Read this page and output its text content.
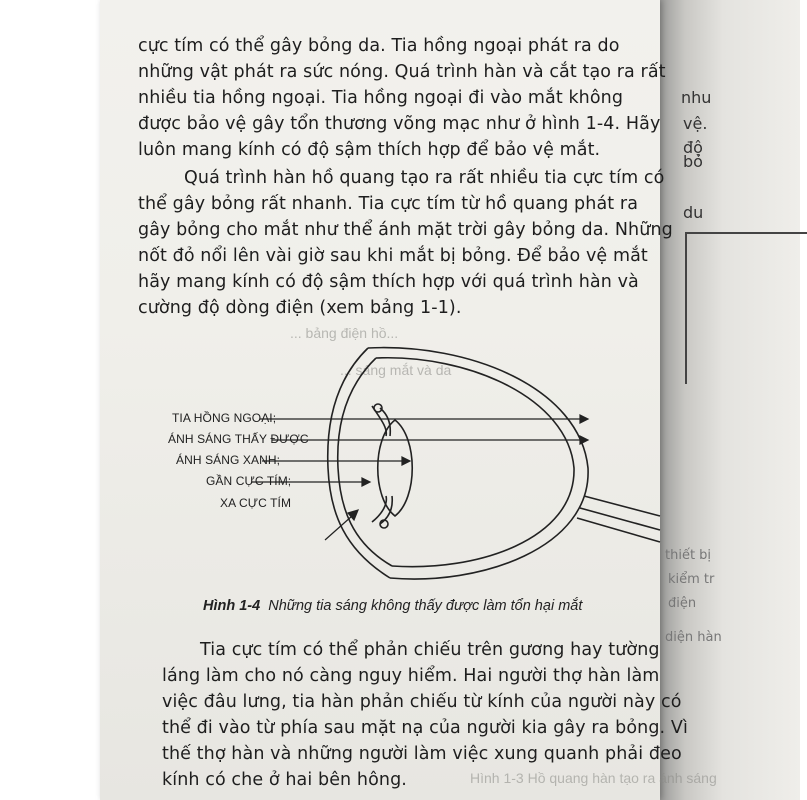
nhu
vệ.
độ
bỏ
du
cực tím có thể gây bỏng da. Tia hồng ngoại phát ra do
những vật phát ra sức nóng. Quá trình hàn và cắt tạo ra rất
nhiều tia hồng ngoại. Tia hồng ngoại đi vào mắt không
được bảo vệ gây tổn thương võng mạc như ở hình 1-4. Hãy
luôn mang kính có độ sậm thích hợp để bảo vệ mắt.
Quá trình hàn hồ quang tạo ra rất nhiều tia cực tím có
thể gây bỏng rất nhanh. Tia cực tím từ hồ quang phát ra
gây bỏng cho mắt như thể ánh mặt trời gây bỏng da. Những
nốt đỏ nổi lên vài giờ sau khi mắt bị bỏng. Để bảo vệ mắt
hãy mang kính có độ sậm thích hợp với quá trình hàn và
cường độ dòng điện (xem bảng 1-1).
... bảng điện hồ...
... sáng mắt và da
Hình 1-3 Hồ quang hàn tạo ra ánh sáng
TIA HỒNG NGOẠI;
ÁNH SÁNG THẤY ĐƯỢC
ÁNH SÁNG XANH;
GẦN CỰC TÍM;
XA CỰC TÍM
Hình 1-4 Những tia sáng không thấy được làm tổn hại mắt
Tia cực tím có thể phản chiếu trên gương hay tường
láng làm cho nó càng nguy hiểm. Hai người thợ hàn làm
việc đâu lưng, tia hàn phản chiếu từ kính của người này có
thể đi vào từ phía sau mặt nạ của người kia gây ra bỏng. Vì
thế thợ hàn và những người làm việc xung quanh phải đeo
kính có che ở hai bên hông.
thiết bị
kiểm tr
điện
diện hàn
